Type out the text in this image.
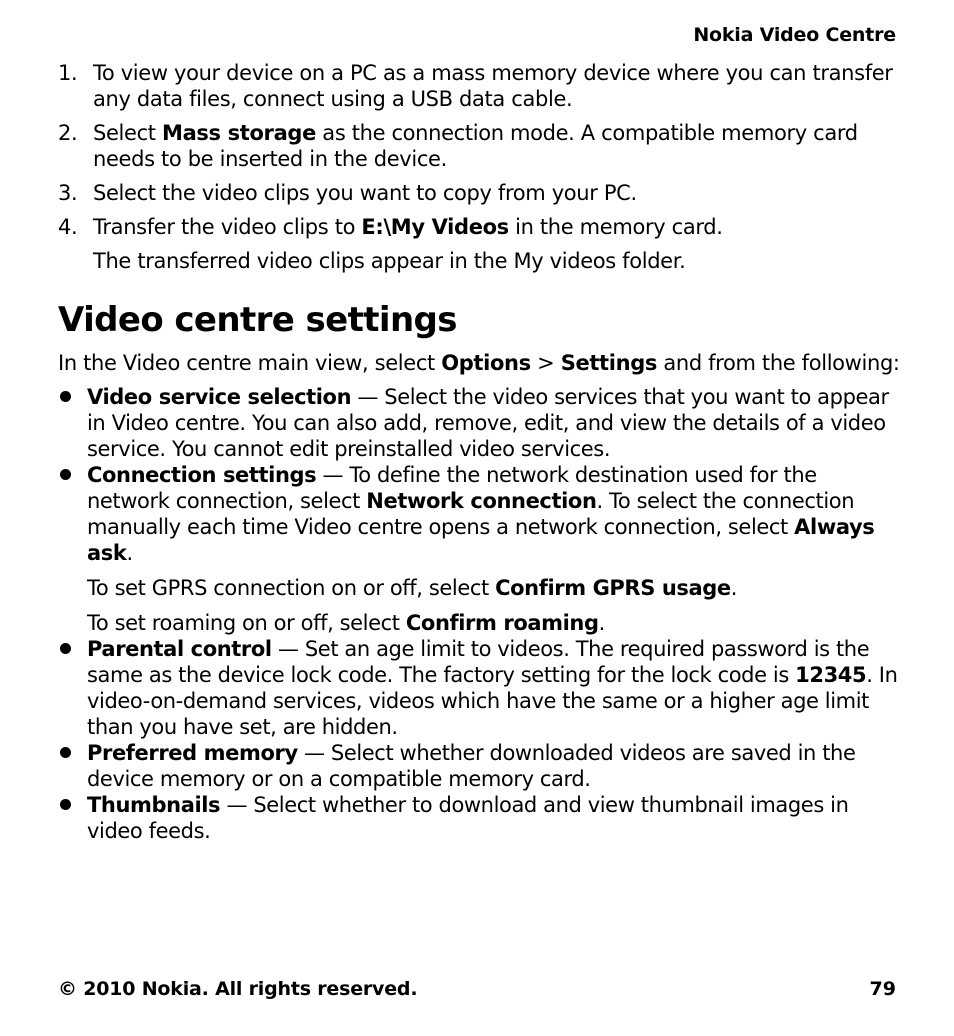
Nokia Video Centre
1. To view your device on a PC as a mass memory device where you can transfer any data files, connect using a USB data cable.
2. Select Mass storage as the connection mode. A compatible memory card needs to be inserted in the device.
3. Select the video clips you want to copy from your PC.
4. Transfer the video clips to E:\My Videos in the memory card.
The transferred video clips appear in the My videos folder.
Video centre settings
In the Video centre main view, select Options > Settings and from the following:
Video service selection — Select the video services that you want to appear in Video centre. You can also add, remove, edit, and view the details of a video service. You cannot edit preinstalled video services.
Connection settings — To define the network destination used for the network connection, select Network connection. To select the connection manually each time Video centre opens a network connection, select Always ask.
To set GPRS connection on or off, select Confirm GPRS usage.
To set roaming on or off, select Confirm roaming.
Parental control — Set an age limit to videos. The required password is the same as the device lock code. The factory setting for the lock code is 12345. In video-on-demand services, videos which have the same or a higher age limit than you have set, are hidden.
Preferred memory — Select whether downloaded videos are saved in the device memory or on a compatible memory card.
Thumbnails — Select whether to download and view thumbnail images in video feeds.
© 2010 Nokia. All rights reserved.	79
